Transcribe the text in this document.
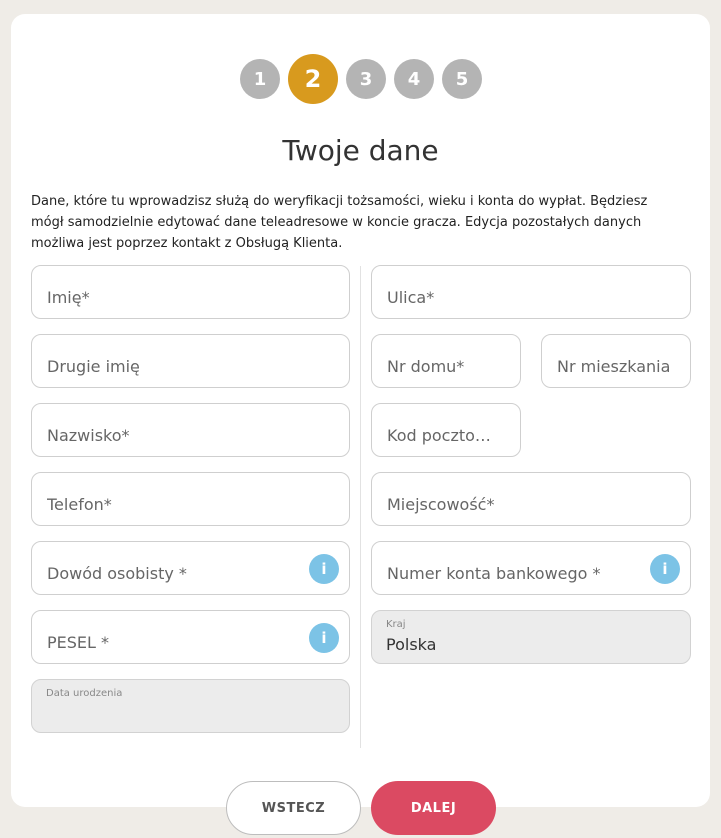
1	2	3	4	5
Twoje dane
Dane, które tu wprowadzisz służą do weryfikacji tożsamości, wieku i konta do wypłat. Będziesz mógł samodzielnie edytować dane teleadresowe w koncie gracza. Edycja pozostałych danych możliwa jest poprzez kontakt z Obsługą Klienta.
Imię*
Drugie imię
Nazwisko*
Telefon*
Dowód osobisty *	i
PESEL *	i
Data urodzenia
Ulica*
Nr domu*	Nr mieszkania
Kod poczto…
Miejscowość*
Numer konta bankowego *	i
Kraj
Polska
WSTECZ	DALEJ
